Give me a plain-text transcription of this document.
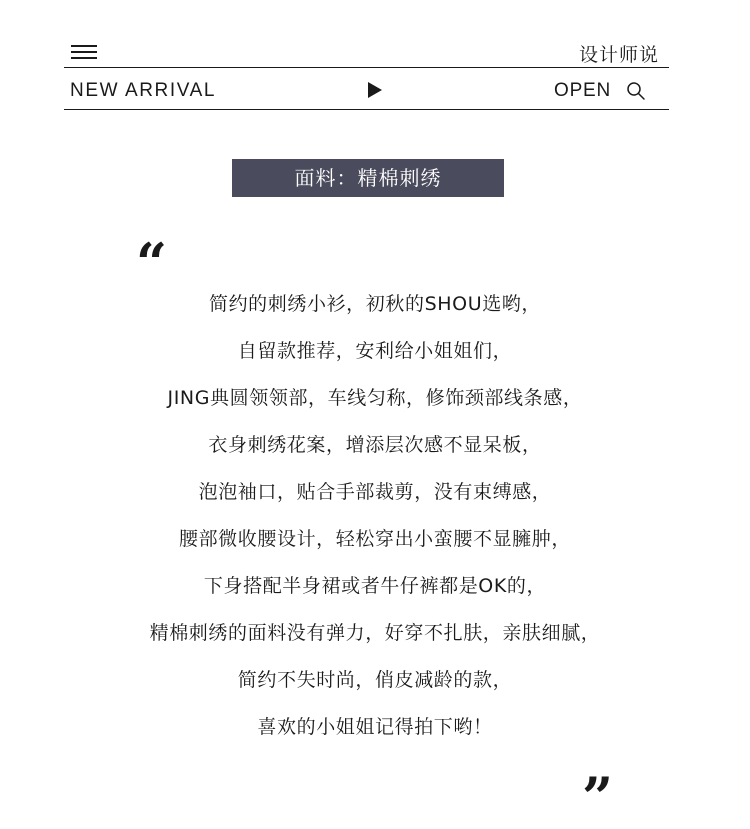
设计师说
NEW ARRIVAL	OPEN
面料：精棉刺绣
“
简约的刺绣小衫，初秋的SHOU选哟，
自留款推荐，安利给小姐姐们，
JING典圆领领部，车线匀称，修饰颈部线条感，
衣身刺绣花案，增添层次感不显呆板，
泡泡袖口，贴合手部裁剪，没有束缚感，
腰部微收腰设计，轻松穿出小蛮腰不显臃肿，
下身搭配半身裙或者牛仔裤都是OK的，
精棉刺绣的面料没有弹力，好穿不扎肤，亲肤细腻，
简约不失时尚，俏皮减龄的款，
喜欢的小姐姐记得拍下哟！
”
